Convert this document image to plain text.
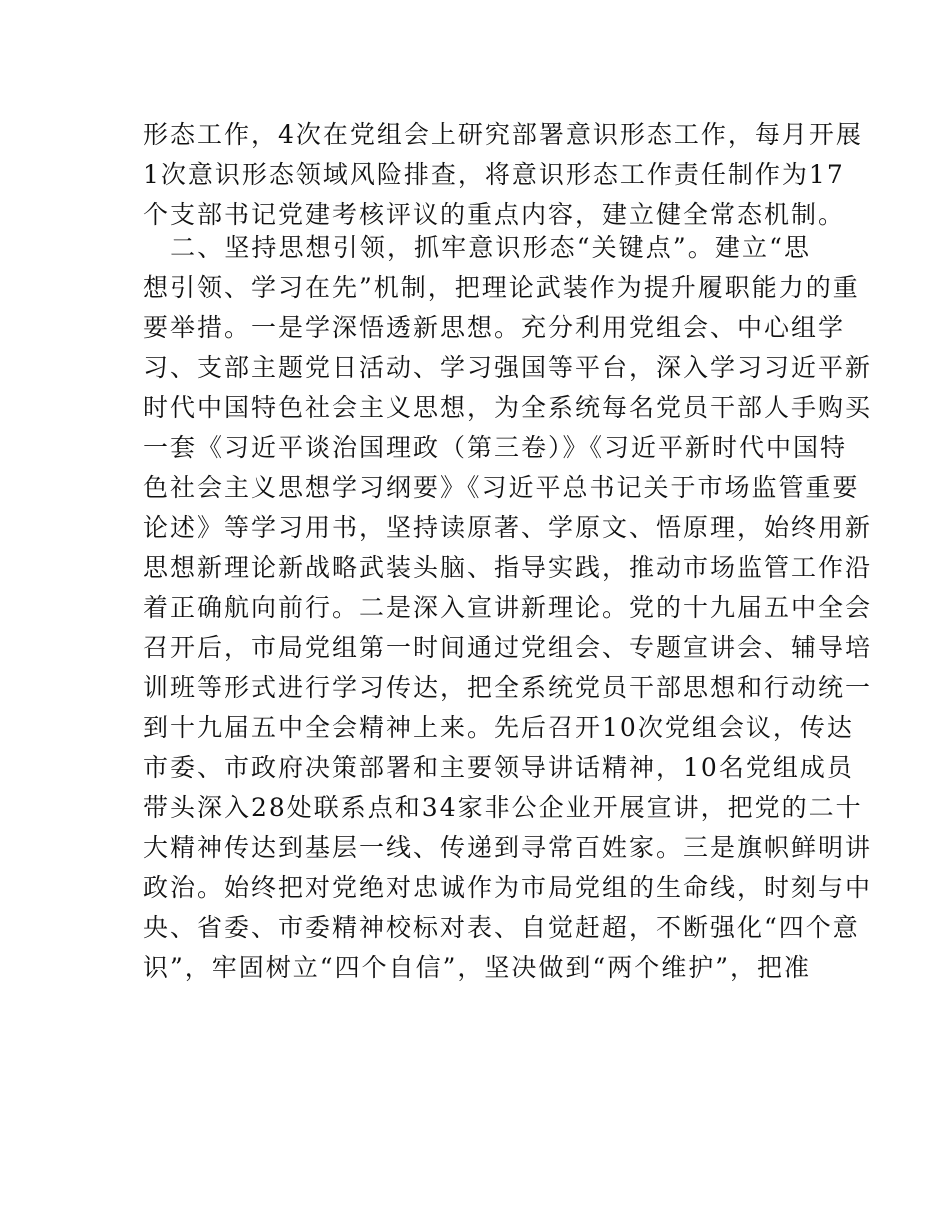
形态工作，4次在党组会上研究部署意识形态工作，每月开展
1次意识形态领域风险排查，将意识形态工作责任制作为17
个支部书记党建考核评议的重点内容，建立健全常态机制。
　二、坚持思想引领，抓牢意识形态“关键点”。建立“思
想引领、学习在先”机制，把理论武装作为提升履职能力的重
要举措。一是学深悟透新思想。充分利用党组会、中心组学
习、支部主题党日活动、学习强国等平台，深入学习习近平新
时代中国特色社会主义思想，为全系统每名党员干部人手购买
一套《习近平谈治国理政（第三卷）》《习近平新时代中国特
色社会主义思想学习纲要》《习近平总书记关于市场监管重要
论述》等学习用书，坚持读原著、学原文、悟原理，始终用新
思想新理论新战略武装头脑、指导实践，推动市场监管工作沿
着正确航向前行。二是深入宣讲新理论。党的十九届五中全会
召开后，市局党组第一时间通过党组会、专题宣讲会、辅导培
训班等形式进行学习传达，把全系统党员干部思想和行动统一
到十九届五中全会精神上来。先后召开10次党组会议，传达
市委、市政府决策部署和主要领导讲话精神，10名党组成员
带头深入28处联系点和34家非公企业开展宣讲，把党的二十
大精神传达到基层一线、传递到寻常百姓家。三是旗帜鲜明讲
政治。始终把对党绝对忠诚作为市局党组的生命线，时刻与中
央、省委、市委精神校标对表、自觉赶超，不断强化“四个意
识”，牢固树立“四个自信”，坚决做到“两个维护”，把准
